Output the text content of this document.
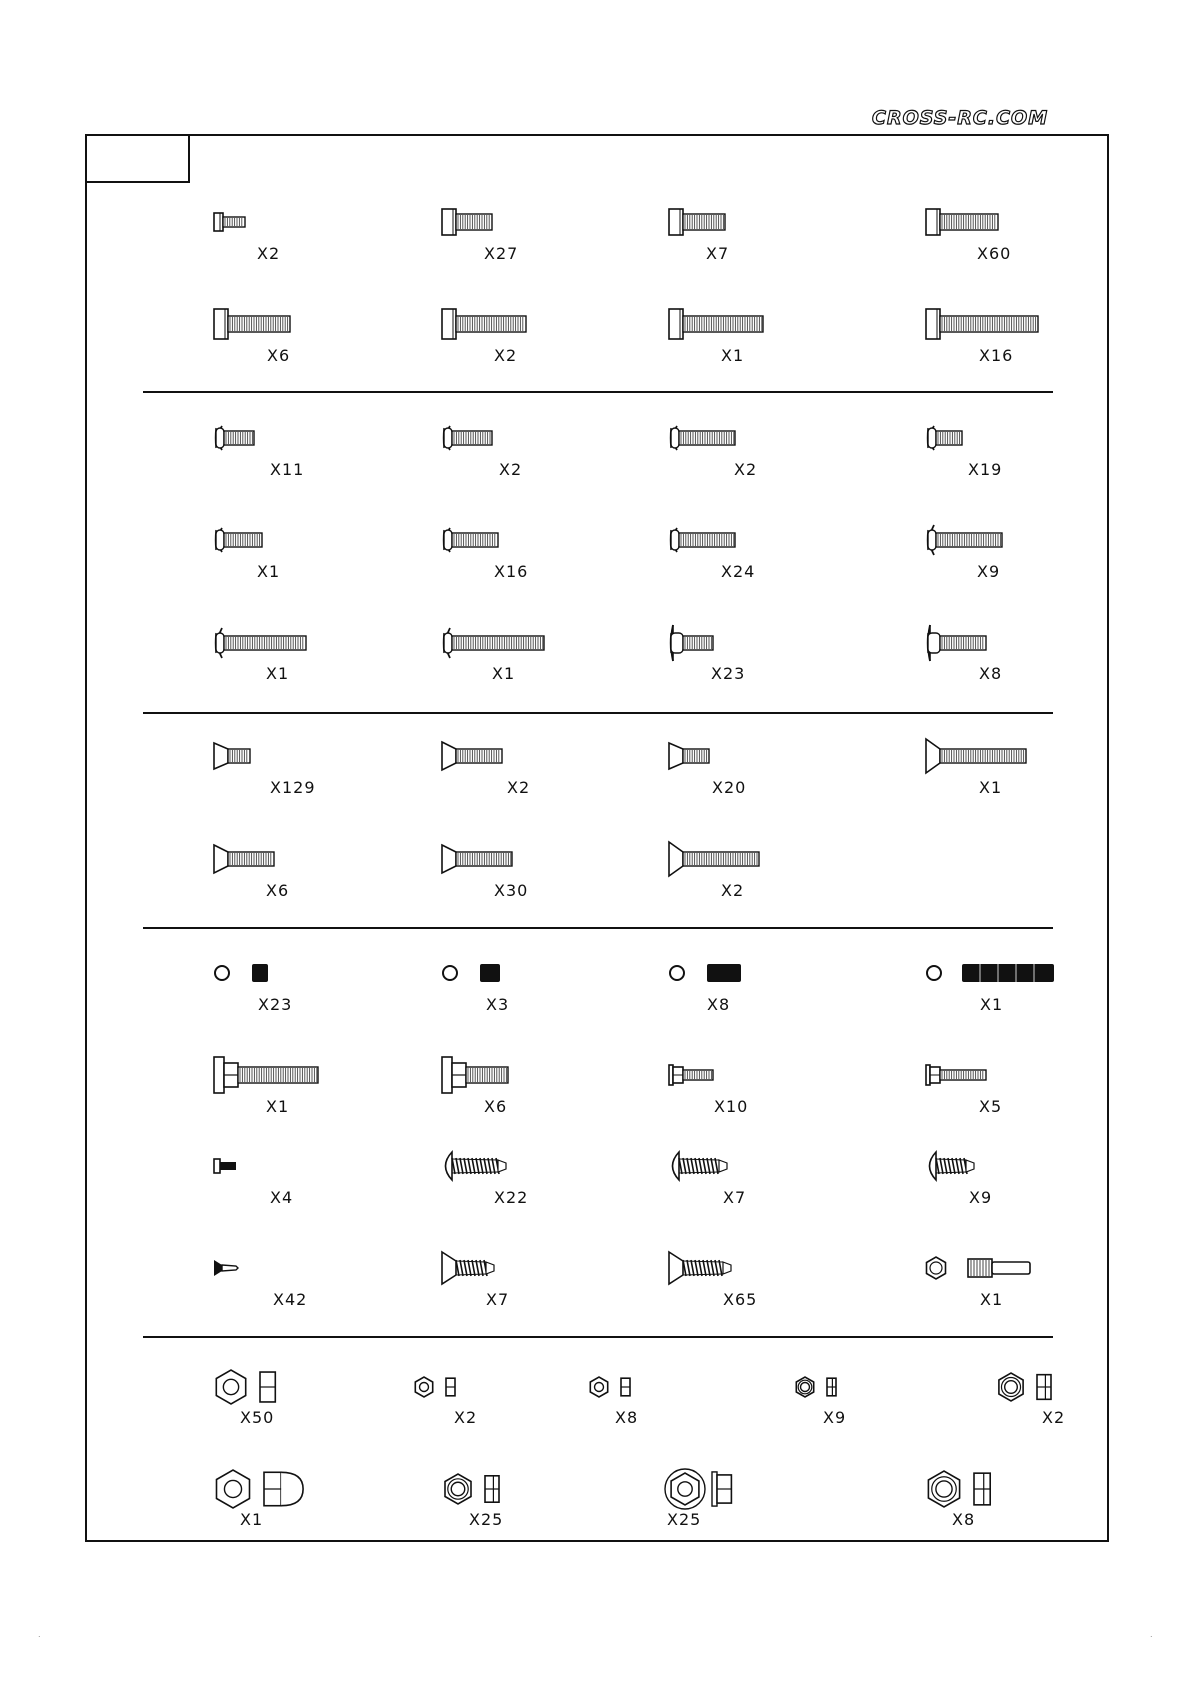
CROSS-RC.COM
X2	X27	X7	X60
X6	X2	X1	X16
X11	X2	X2	X19
X1	X16	X24	X9
X1	X1	X23	X8
X129	X2	X20	X1
X6	X30	X2
X23	X3	X8	X1
X1	X6	X10	X5
X4	X22	X7	X9
X42	X7	X65	X1
X50	X2	X8	X9	X2
X1	X25	X25	X8
.	.
